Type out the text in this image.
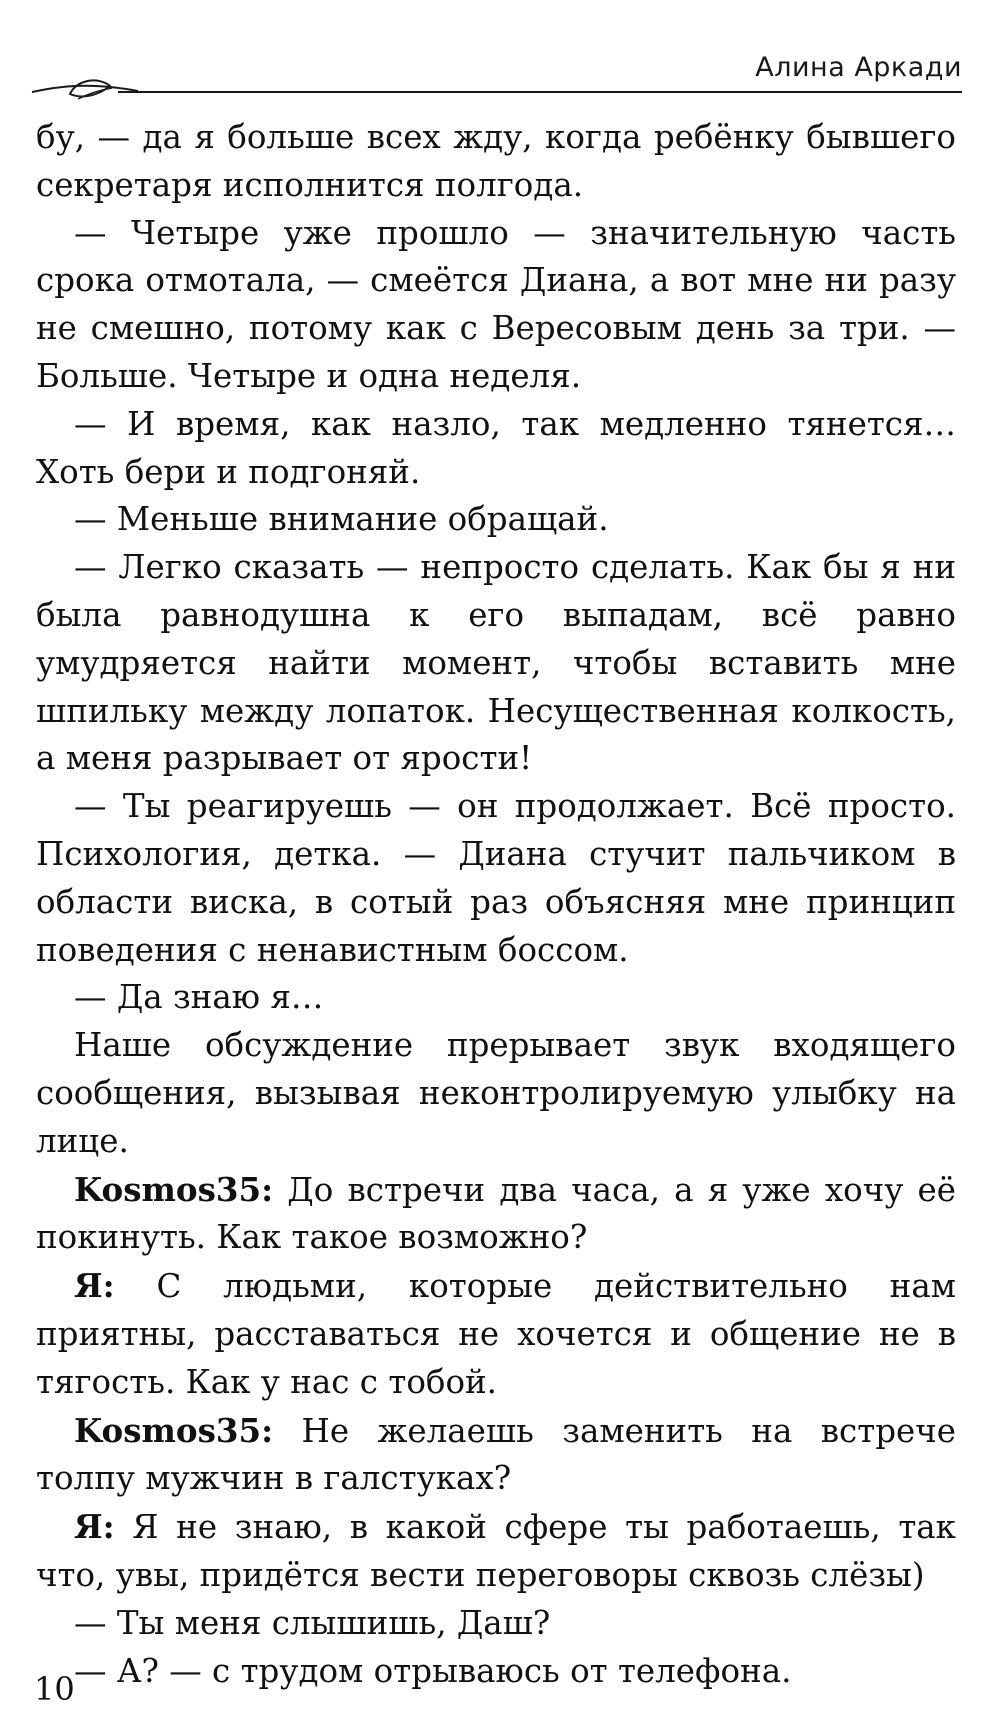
Алина Аркади

бу, — да я больше всех жду, когда ребёнку бывшего секретаря исполнится полгода.

— Четыре уже прошло — значительную часть срока отмотала, — смеётся Диана, а вот мне ни разу не смешно, потому как с Вересовым день за три. — Больше. Четыре и одна неделя.

— И время, как назло, так медленно тянется… Хоть бери и подгоняй.

— Меньше внимание обращай.

— Легко сказать — непросто сделать. Как бы я ни была равнодушна к его выпадам, всё равно умудряется найти момент, чтобы вставить мне шпильку между лопаток. Несущественная колкость, а меня разрывает от ярости!

— Ты реагируешь — он продолжает. Всё просто. Психология, детка. — Диана стучит пальчиком в области виска, в сотый раз объясняя мне принцип поведения с ненавистным боссом.

— Да знаю я…

Наше обсуждение прерывает звук входящего сообщения, вызывая неконтролируемую улыбку на лице.

Kosmos35: До встречи два часа, а я уже хочу её покинуть. Как такое возможно?

Я: С людьми, которые действительно нам приятны, расставаться не хочется и общение не в тягость. Как у нас с тобой.

Kosmos35: Не желаешь заменить на встрече толпу мужчин в галстуках?

Я: Я не знаю, в какой сфере ты работаешь, так что, увы, придётся вести переговоры сквозь слёзы)

— Ты меня слышишь, Даш?

— А? — с трудом отрываюсь от телефона.

10
